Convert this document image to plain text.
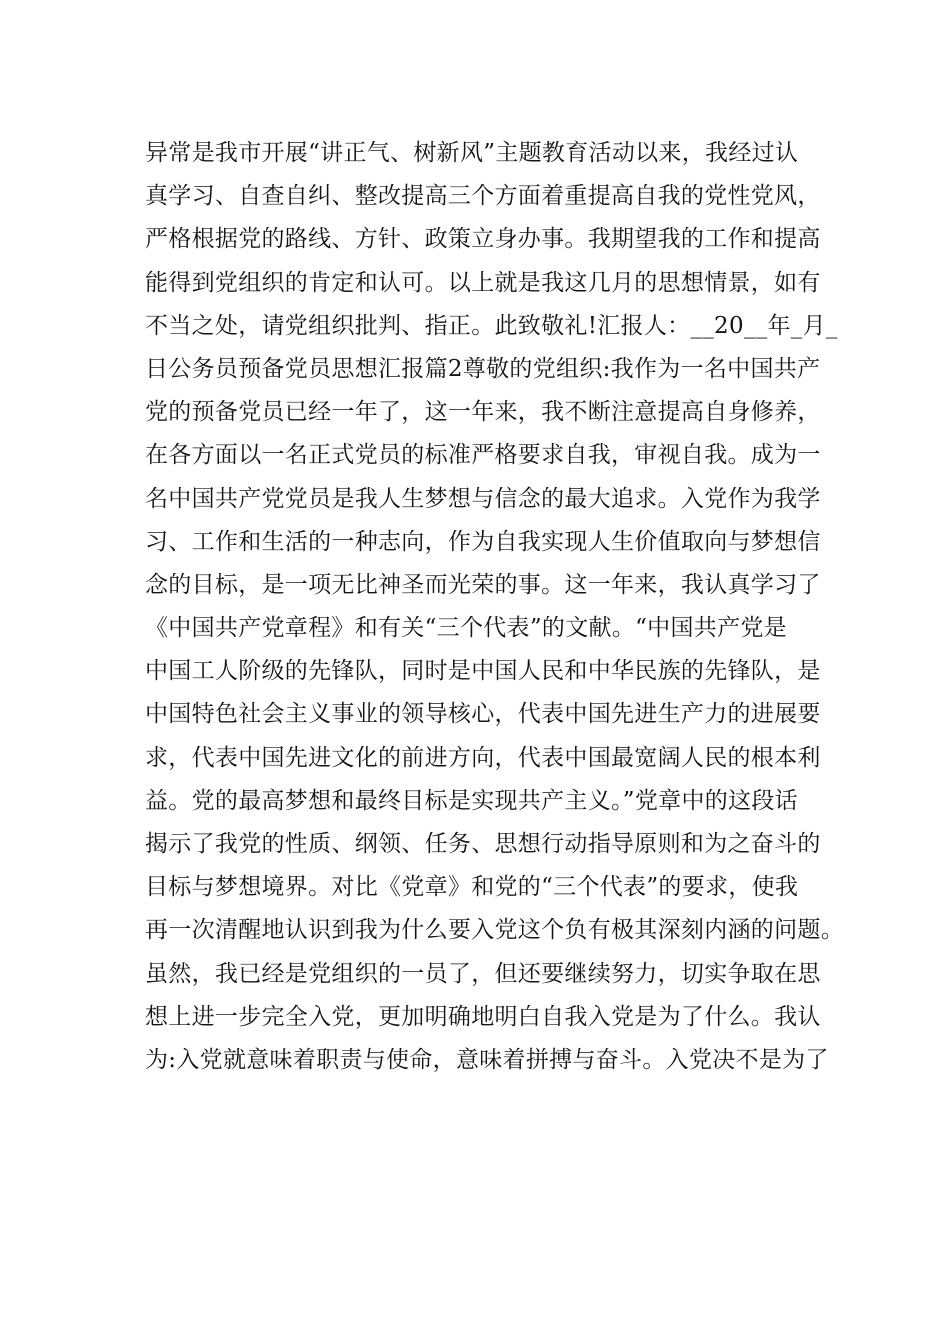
异常是我市开展“讲正气、树新风”主题教育活动以来，我经过认
真学习、自查自纠、整改提高三个方面着重提高自我的党性党风，
严格根据党的路线、方针、政策立身办事。我期望我的工作和提高
能得到党组织的肯定和认可。以上就是我这几月的思想情景，如有
不当之处，请党组织批判、指正。此致敬礼!汇报人：__20__年_月_
日公务员预备党员思想汇报篇2尊敬的党组织:我作为一名中国共产
党的预备党员已经一年了，这一年来，我不断注意提高自身修养，
在各方面以一名正式党员的标准严格要求自我，审视自我。成为一
名中国共产党党员是我人生梦想与信念的最大追求。入党作为我学
习、工作和生活的一种志向，作为自我实现人生价值取向与梦想信
念的目标，是一项无比神圣而光荣的事。这一年来，我认真学习了
《中国共产党章程》和有关“三个代表”的文献。“中国共产党是
中国工人阶级的先锋队，同时是中国人民和中华民族的先锋队，是
中国特色社会主义事业的领导核心，代表中国先进生产力的进展要
求，代表中国先进文化的前进方向，代表中国最宽阔人民的根本利
益。党的最高梦想和最终目标是实现共产主义。”党章中的这段话
揭示了我党的性质、纲领、任务、思想行动指导原则和为之奋斗的
目标与梦想境界。对比《党章》和党的“三个代表”的要求，使我
再一次清醒地认识到我为什么要入党这个负有极其深刻内涵的问题。
虽然，我已经是党组织的一员了，但还要继续努力，切实争取在思
想上进一步完全入党，更加明确地明白自我入党是为了什么。我认
为:入党就意味着职责与使命，意味着拼搏与奋斗。入党决不是为了
